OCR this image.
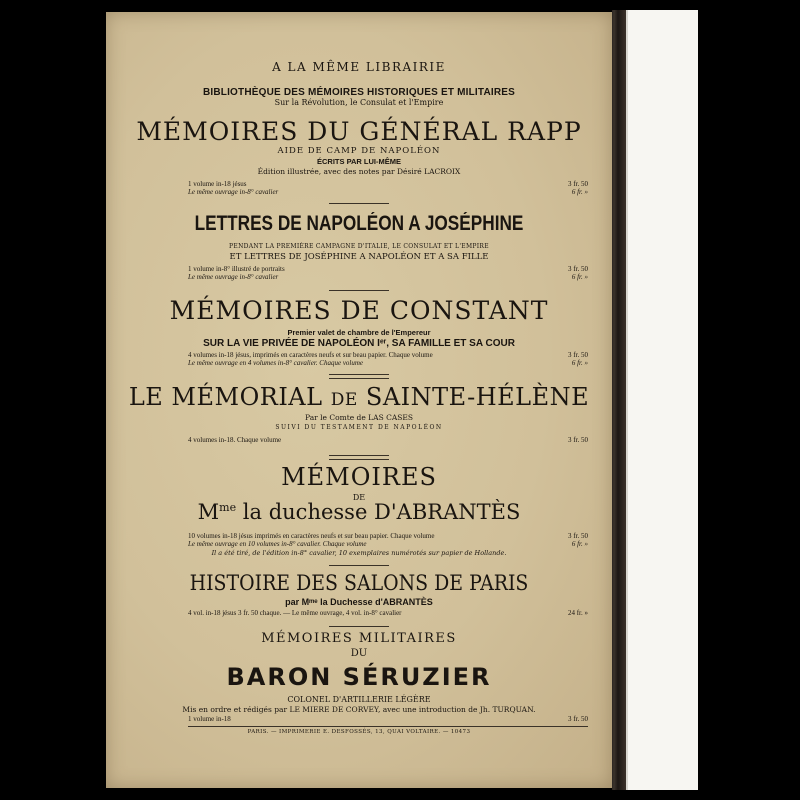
A LA MÊME LIBRAIRIE
BIBLIOTHÈQUE DES MÉMOIRES HISTORIQUES ET MILITAIRES
Sur la Révolution, le Consulat et l'Empire
MÉMOIRES DU GÉNÉRAL RAPP
AIDE DE CAMP DE NAPOLÉON
ÉCRITS PAR LUI-MÊME
Édition illustrée, avec des notes par Désiré LACROIX
1 volume in-18 jésus	3 fr. 50
Le même ouvrage in-8° cavalier	6 fr. »
LETTRES DE NAPOLÉON A JOSÉPHINE
PENDANT LA PREMIÈRE CAMPAGNE D'ITALIE, LE CONSULAT ET L'EMPIRE
ET LETTRES DE JOSÉPHINE A NAPOLÉON ET A SA FILLE
1 volume in-8° illustré de portraits	3 fr. 50
Le même ouvrage in-8° cavalier	6 fr. »
MÉMOIRES DE CONSTANT
Premier valet de chambre de l'Empereur
SUR LA VIE PRIVÉE DE NAPOLÉON Iᵉʳ, SA FAMILLE ET SA COUR
4 volumes in-18 jésus, imprimés en caractères neufs et sur beau papier. Chaque volume	3 fr. 50
Le même ouvrage en 4 volumes in-8° cavalier. Chaque volume	6 fr. »
LE MÉMORIAL DE SAINTE-HÉLÈNE
Par le Comte de LAS CASES
SUIVI DU TESTAMENT DE NAPOLÉON
4 volumes in-18. Chaque volume	3 fr. 50
MÉMOIRES
DE
$M^{me}$ la duchesse D'ABRANTÈS
10 volumes in-18 jésus imprimés en caractères neufs et sur beau papier. Chaque volume	3 fr. 50
Le même ouvrage en 10 volumes in-8° cavalier. Chaque volume	6 fr. »
Il a été tiré, de l'édition in-8° cavalier, 10 exemplaires numérotés sur papier de Hollande.
HISTOIRE DES SALONS DE PARIS
par Mᵐᵉ la Duchesse d'ABRANTÈS
4 vol. in-18 jésus 3 fr. 50 chaque. — Le même ouvrage, 4 vol. in-8° cavalier	24 fr. »
MÉMOIRES MILITAIRES
DU
BARON SÉRUZIER
COLONEL D'ARTILLERIE LÉGÈRE
Mis en ordre et rédigés par LE MIERE DE CORVEY, avec une introduction de Jh. TURQUAN.
1 volume in-18	3 fr. 50
PARIS. — IMPRIMERIE E. DESFOSSÉS, 13, QUAI VOLTAIRE. — 10473
